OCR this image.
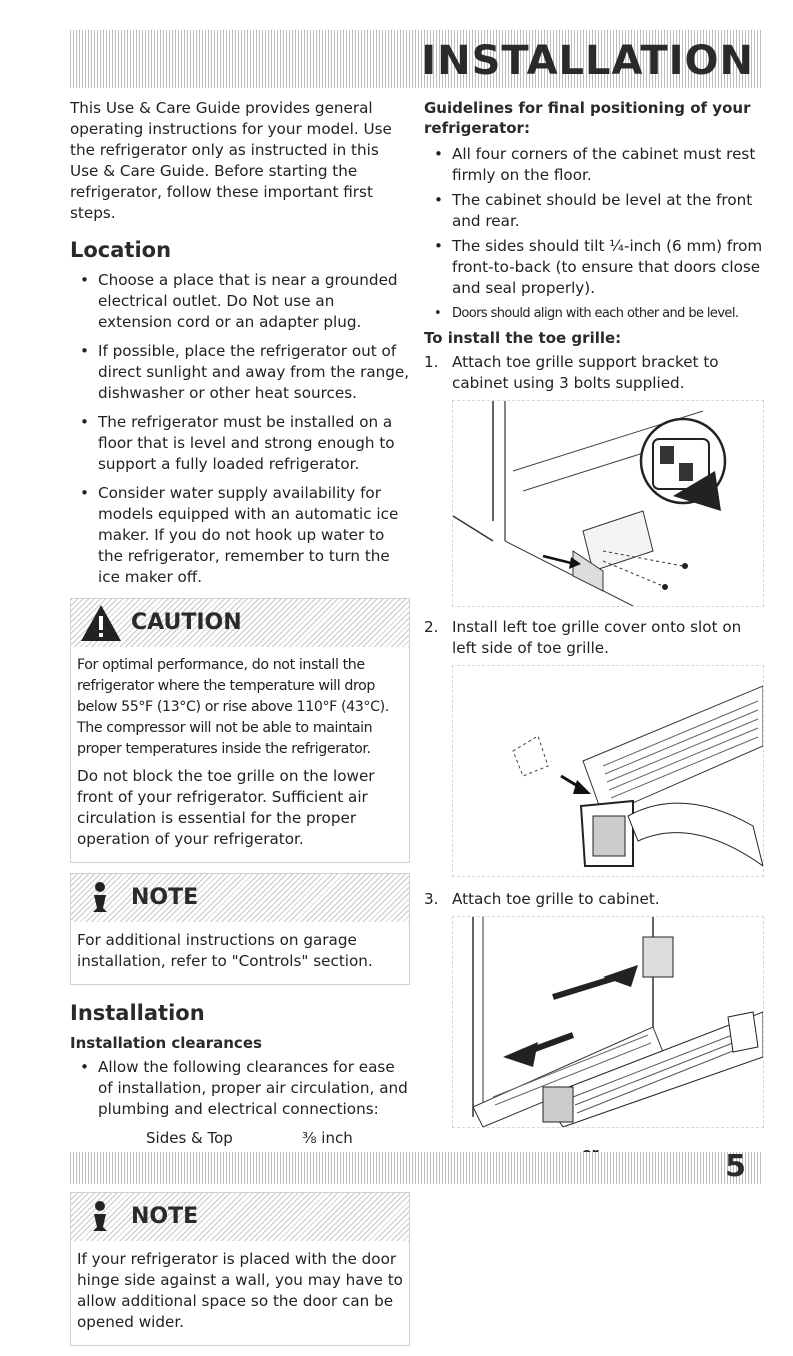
INSTALLATION

This Use & Care Guide provides general operating instructions for your model. Use the refrigerator only as instructed in this Use & Care Guide. Before starting the refrigerator, follow these important first steps.

Location
• Choose a place that is near a grounded electrical outlet. Do Not use an extension cord or an adapter plug.
• If possible, place the refrigerator out of direct sunlight and away from the range, dishwasher or other heat sources.
• The refrigerator must be installed on a floor that is level and strong enough to support a fully loaded refrigerator.
• Consider water supply availability for models equipped with an automatic ice maker. If you do not hook up water to the refrigerator, remember to turn the ice maker off.
CAUTION

For optimal performance, do not install the refrigerator where the temperature will drop below 55°F (13°C) or rise above 110°F (43°C). The compressor will not be able to maintain proper temperatures inside the refrigerator.

Do not block the toe grille on the lower front of your refrigerator. Sufficient air circulation is essential for the proper operation of your refrigerator.

NOTE

For additional instructions on garage installation, refer to "Controls" section.

Installation
Installation clearances
• Allow the following clearances for ease of installation, proper air circulation, and plumbing and electrical connections:
Sides & Top	⅜ inch
NOTE

If your refrigerator is placed with the door hinge side against a wall, you may have to allow additional space so the door can be opened wider.

Guidelines for final positioning of your refrigerator:
• All four corners of the cabinet must rest firmly on the floor.
• The cabinet should be level at the front and rear.
• The sides should tilt ¼-inch (6 mm) from front-to-back (to ensure that doors close and seal properly).
• Doors should align with each other and be level.
To install the toe grille:
1. Attach toe grille support bracket to cabinet using 3 bolts supplied.
2. Install left toe grille cover onto slot on left side of toe grille.
3. Attach toe grille to cabinet.
5
